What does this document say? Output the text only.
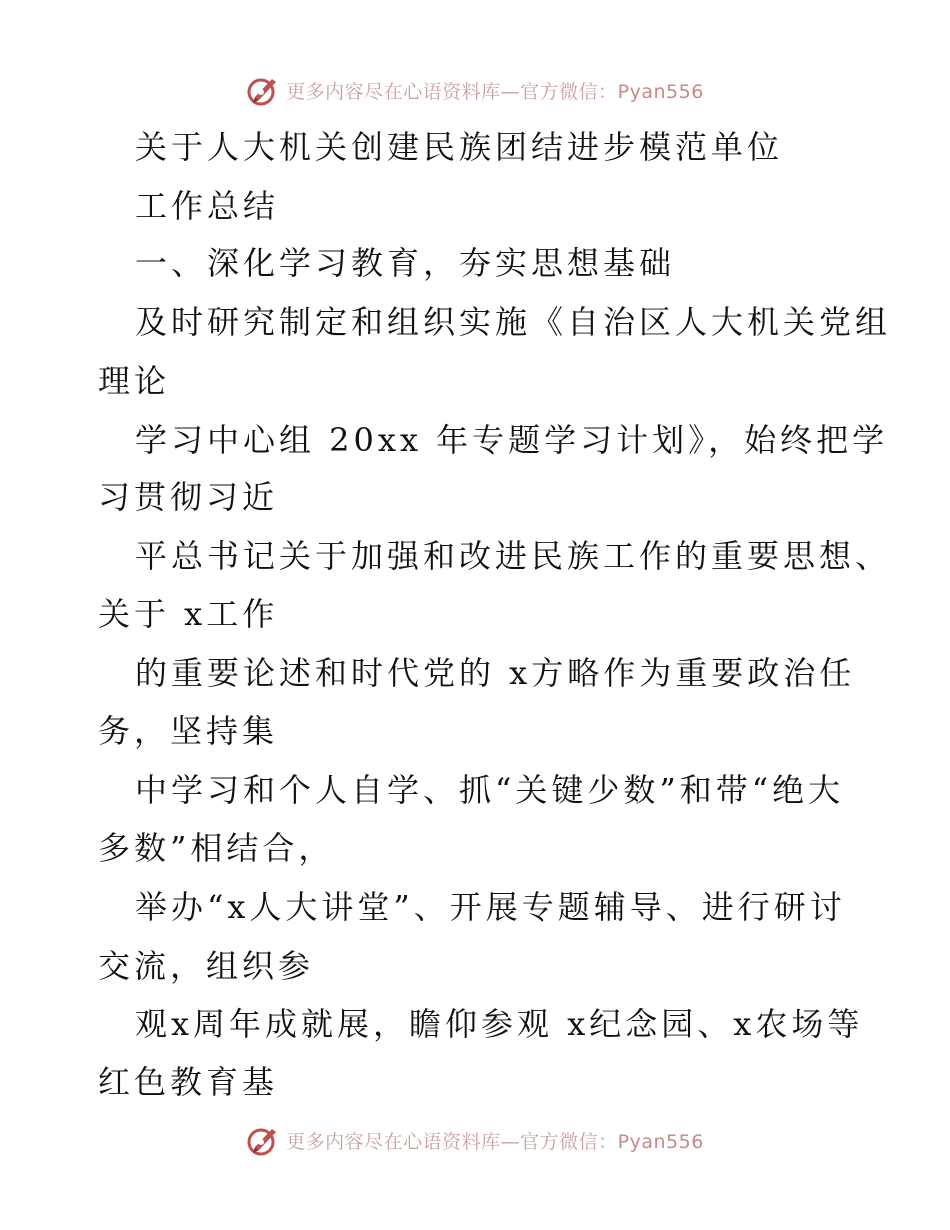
更多内容尽在心语资料库—官方微信：Pyan556
关于人大机关创建民族团结进步模范单位
工作总结
一、深化学习教育，夯实思想基础
及时研究制定和组织实施《自治区人大机关党组
理论
学习中心组 20xx 年专题学习计划》，始终把学
习贯彻习近
平总书记关于加强和改进民族工作的重要思想、
关于 x工作
的重要论述和时代党的 x方略作为重要政治任
务，坚持集
中学习和个人自学、抓“关键少数”和带“绝大
多数”相结合，
举办“x人大讲堂”、开展专题辅导、进行研讨
交流，组织参
观x周年成就展，瞻仰参观 x纪念园、x农场等
红色教育基
更多内容尽在心语资料库—官方微信：Pyan556
